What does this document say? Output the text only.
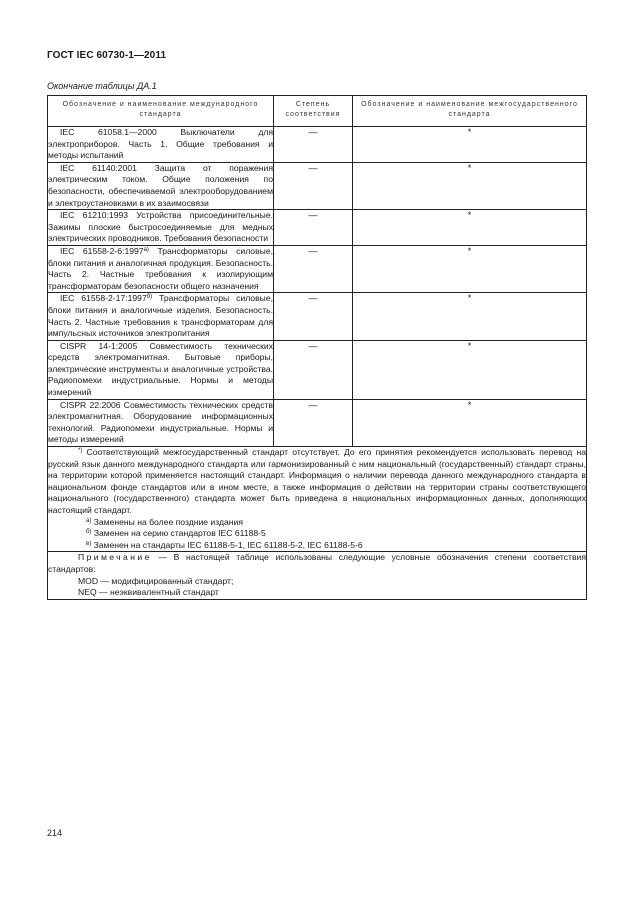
ГОСТ IEC 60730-1—2011
Окончание таблицы ДА.1
Обозначение и наименование международного стандарта	Степень соответствия	Обозначение и наименование межгосударственного стандарта

IEC 61058.1—2000 Выключатели для электроприборов. Часть 1. Общие требования и методы испытаний	—	*

IEC 61140:2001 Защита от поражения электрическим током. Общие положения по безопасности, обеспечиваемой электрооборудованием и электроустановками в их взаимосвязи	—	*

IEC 61210:1993 Устройства присоединительные. Зажимы плоские быстросоединяемые для медных электрических проводников. Требования безопасности	—	*

IEC 61558-2-6:1997$^{а)}$ Трансформаторы силовые, блоки питания и аналогичная продукция. Безопасность. Часть 2. Частные требования к изолирующим трансформаторам безопасности общего назначения	—	*

IEC 61558-2-17:1997$^{б)}$ Трансформаторы силовые, блоки питания и аналогичные изделия. Безопасность. Часть 2. Частные требования к трансформаторам для импульсных источников электропитания	—	*

CISPR 14-1:2005 Совместимость технических средств электромагнитная. Бытовые приборы, электрические инструменты и аналогичные устройства. Радиопомехи индустриальные. Нормы и методы измерений	—	*

CISPR 22:2006 Совместимость технических средств электромагнитная. Оборудование информационных технологий. Радиопомехи индустриальные. Нормы и методы измерений	—	*

*) Соответствующий межгосударственный стандарт отсутствует. До его принятия рекомендуется использовать перевод на русский язык данного международного стандарта или гармонизированный с ним национальный (государственный) стандарт страны, на территории которой применяется настоящий стандарт. Информация о наличии перевода данного международного стандарта в национальном фонде стандартов или в ином месте, а также информация о действии на территории страны соответствующего национального (государственного) стандарта может быть приведена в национальных информационных данных, дополняющих настоящий стандарт.

$^{а)}$ Заменены на более поздние издания

$^{б)}$ Заменен на серию стандартов IEC 61188-5

$^{в)}$ Заменен на стандарты IEC 61188-5-1, IEC 61188-5-2, IEC 61188-5-6		

Примечание — В настоящей таблице использованы следующие условные обозначения степени соответствия стандартов:

MOD — модифицированный стандарт;

NEQ — неэквивалентный стандарт		

214
